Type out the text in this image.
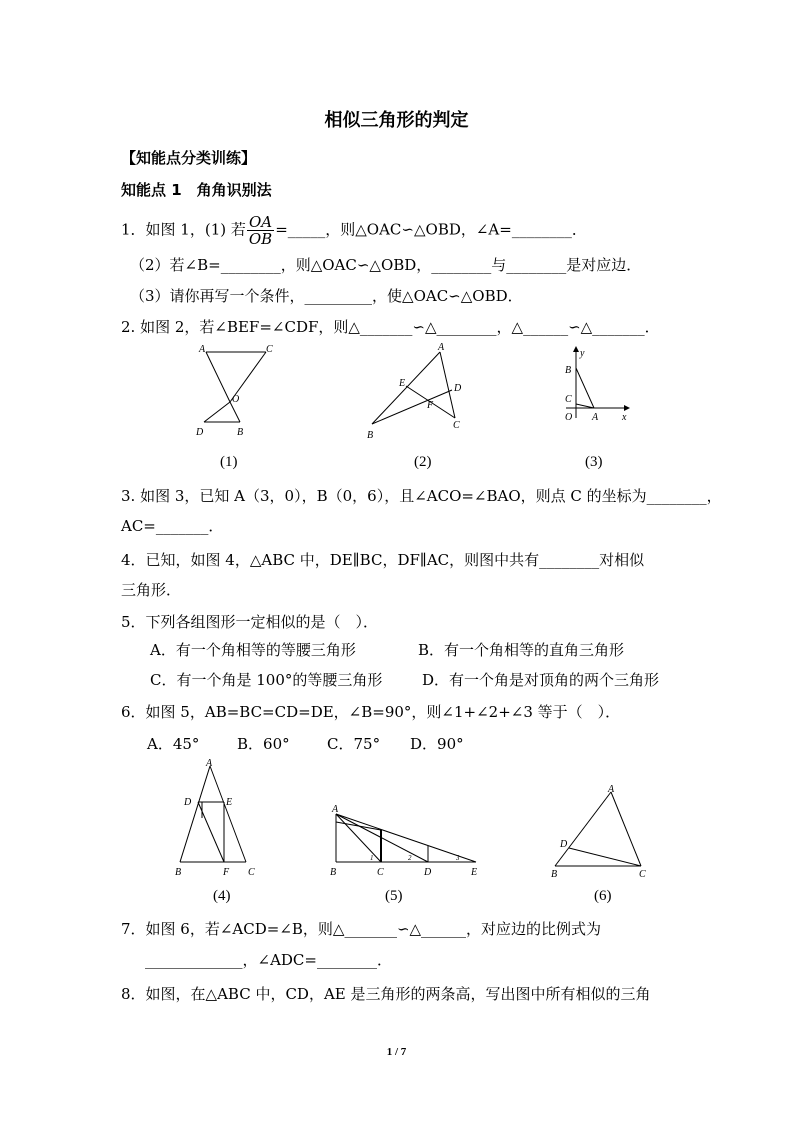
相似三角形的判定
【知能点分类训练】
知能点 1　角角识别法
1．如图 1，(1) 若 $\frac{OA}{OB}$ =_____，则△OAC∽△OBD，∠A=________．
（2）若∠B=________，则△OAC∽△OBD，________与________是对应边．
（3）请你再写一个条件，_________，使△OAC∽△OBD．
2. 如图 2，若∠BEF=∠CDF，则△_______∽△________，△______∽△_______．
A	C
O
D	B
A
E	D
F
B
C
y
B
C
O A x
(1)	(2)	(3)
3. 如图 3，已知 A（3，0），B（0，6），且∠ACO=∠BAO，则点 C 的坐标为________，
AC=_______．
4．已知，如图 4，△ABC 中，DE∥BC，DF∥AC，则图中共有________对相似
三角形．
5．下列各组图形一定相似的是（　）．
A．有一个角相等的等腰三角形	B．有一个角相等的直角三角形
C．有一个角是 100°的等腰三角形	D．有一个角是对顶角的两个三角形
6．如图 5，AB=BC=CD=DE，∠B=90°，则∠1+∠2+∠3 等于（　）．
A．45°	B．60° C．75° D．90°
A
D	E
B	F C
A
B	C	D	E
1	2	3
A
D
B	C
(4)	(5)	(6)
7．如图 6，若∠ACD=∠B，则△_______∽△______，对应边的比例式为
_____________，∠ADC=________．
8．如图，在△ABC 中，CD，AE 是三角形的两条高，写出图中所有相似的三角
1 / 7
